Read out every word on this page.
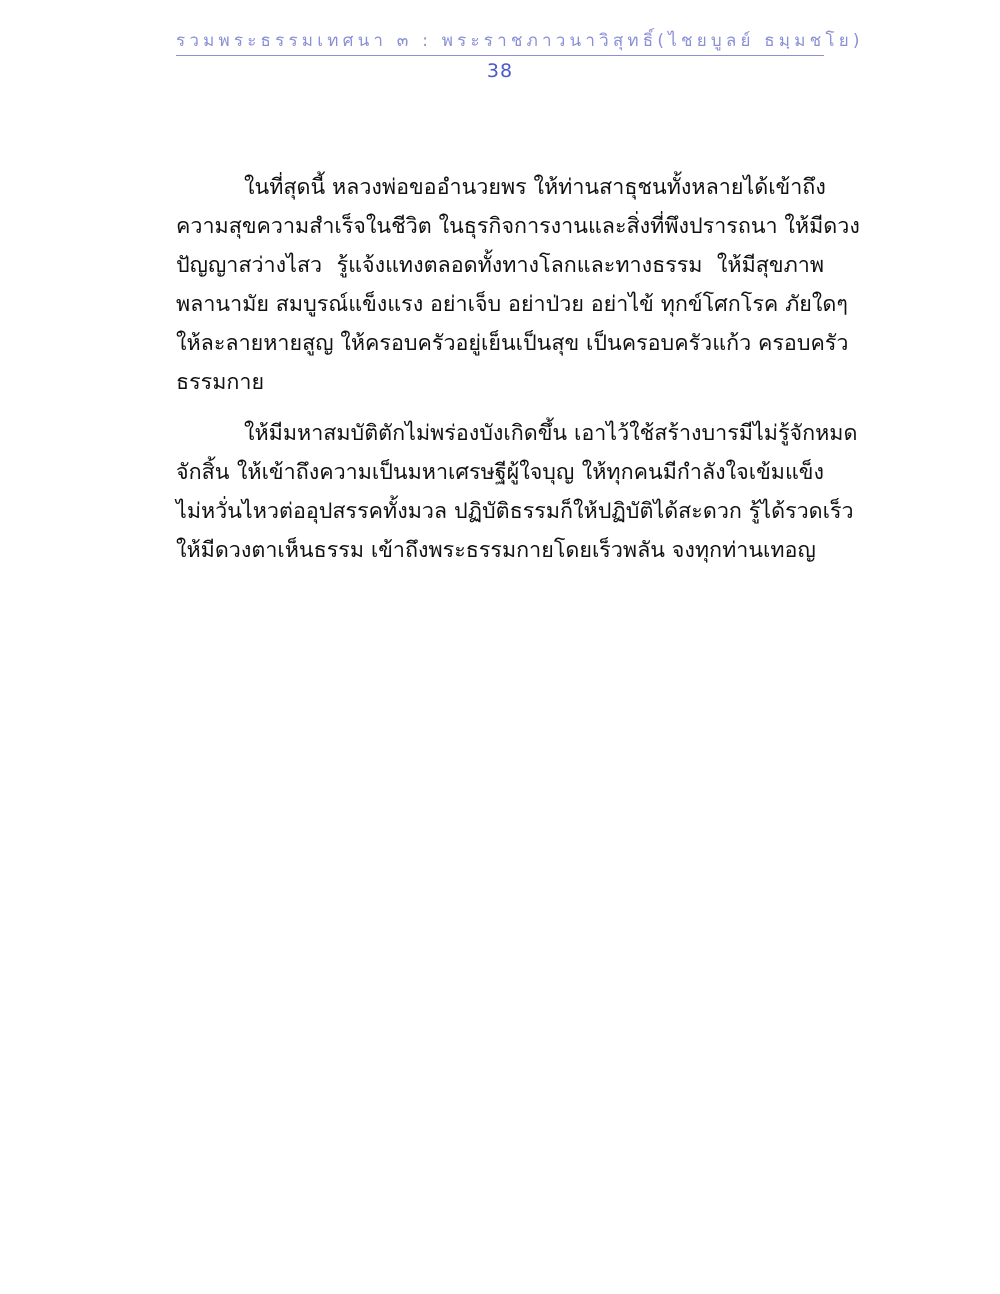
รวมพระธรรมเทศนา ๓ : พระราชภาวนาวิสุทธิ์(ไชยบูลย์ ธมฺมชโย)
38
ในที่สุดนี้ หลวงพ่อขออำนวยพร ให้ท่านสาธุชนทั้งหลายได้เข้าถึง
ความสุขความสำเร็จในชีวิต ในธุรกิจการงานและสิ่งที่พึงปรารถนา ให้มีดวง
ปัญญาสว่างไสว รู้แจ้งแทงตลอดทั้งทางโลกและทางธรรม ให้มีสุขภาพ
พลานามัย สมบูรณ์แข็งแรง อย่าเจ็บ อย่าป่วย อย่าไข้ ทุกข์โศกโรค ภัยใดๆ
ให้ละลายหายสูญ ให้ครอบครัวอยู่เย็นเป็นสุข เป็นครอบครัวแก้ว ครอบครัว
ธรรมกาย
ให้มีมหาสมบัติตักไม่พร่องบังเกิดขึ้น เอาไว้ใช้สร้างบารมีไม่รู้จักหมด
จักสิ้น ให้เข้าถึงความเป็นมหาเศรษฐีผู้ใจบุญ ให้ทุกคนมีกำลังใจเข้มแข็ง
ไม่หวั่นไหวต่ออุปสรรคทั้งมวล ปฏิบัติธรรมก็ให้ปฏิบัติได้สะดวก รู้ได้รวดเร็ว
ให้มีดวงตาเห็นธรรม เข้าถึงพระธรรมกายโดยเร็วพลัน จงทุกท่านเทอญ
